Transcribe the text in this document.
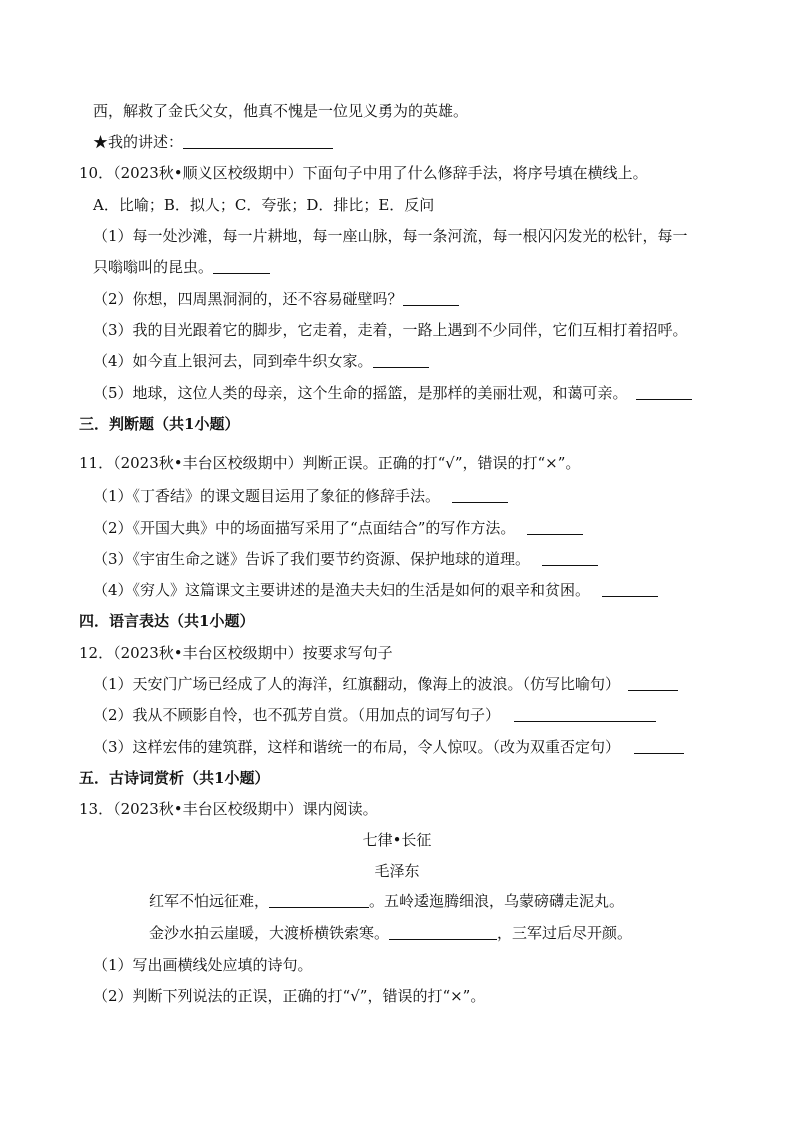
西，解救了金氏父女，他真不愧是一位见义勇为的英雄。
★我的讲述：
10．（2023秋•顺义区校级期中）下面句子中用了什么修辞手法，将序号填在横线上。
A．比喻；B．拟人；C．夸张；D．排比；E．反问
（1）每一处沙滩，每一片耕地，每一座山脉，每一条河流，每一根闪闪发光的松针，每一
只嗡嗡叫的昆虫。
（2）你想，四周黑洞洞的，还不容易碰壁吗？
（3）我的目光跟着它的脚步，它走着，走着，一路上遇到不少同伴，它们互相打着招呼。
（4）如今直上银河去，同到牵牛织女家。
（5）地球，这位人类的母亲，这个生命的摇篮，是那样的美丽壮观，和蔼可亲。
三．判断题（共1小题）
11．（2023秋•丰台区校级期中）判断正误。正确的打“√”，错误的打“×”。
（1）《丁香结》的课文题目运用了象征的修辞手法。
（2）《开国大典》中的场面描写采用了“点面结合”的写作方法。
（3）《宇宙生命之谜》告诉了我们要节约资源、保护地球的道理。
（4）《穷人》这篇课文主要讲述的是渔夫夫妇的生活是如何的艰辛和贫困。
四．语言表达（共1小题）
12．（2023秋•丰台区校级期中）按要求写句子
（1）天安门广场已经成了人的海洋，红旗翻动，像海上的波浪。（仿写比喻句）
（2）我从不顾影自怜，也不孤芳自赏。（用加点的词写句子）
（3）这样宏伟的建筑群，这样和谐统一的布局，令人惊叹。（改为双重否定句）
五．古诗词赏析（共1小题）
13．（2023秋•丰台区校级期中）课内阅读。
七律•长征
毛泽东
红军不怕远征难，	。五岭逶迤腾细浪，乌蒙磅礴走泥丸。
金沙水拍云崖暖，大渡桥横铁索寒。	，三军过后尽开颜。
（1）写出画横线处应填的诗句。
（2）判断下列说法的正误，正确的打“√”，错误的打“×”。
